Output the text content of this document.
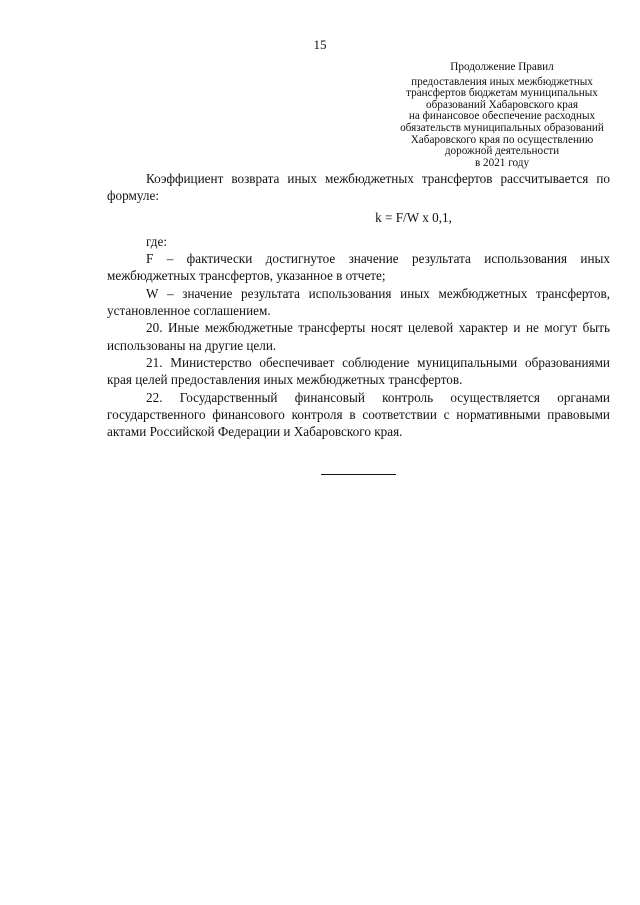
15
Продолжение Правил
предоставления иных межбюджетных
трансфертов бюджетам муниципальных
образований Хабаровского края
на финансовое обеспечение расходных
обязательств муниципальных образований
Хабаровского края по осуществлению
дорожной деятельности
в 2021 году

Коэффициент возврата иных межбюджетных трансфертов рассчитывается по формуле:

k = F/W x 0,1,

где:

F – фактически достигнутое значение результата использования иных межбюджетных трансфертов, указанное в отчете;

W – значение результата использования иных межбюджетных трансфертов, установленное соглашением.

20. Иные межбюджетные трансферты носят целевой характер и не могут быть использованы на другие цели.

21. Министерство обеспечивает соблюдение муниципальными образованиями края целей предоставления иных межбюджетных трансфертов.

22. Государственный финансовый контроль осуществляется органами государственного финансового контроля в соответствии с нормативными правовыми актами Российской Федерации и Хабаровского края.
